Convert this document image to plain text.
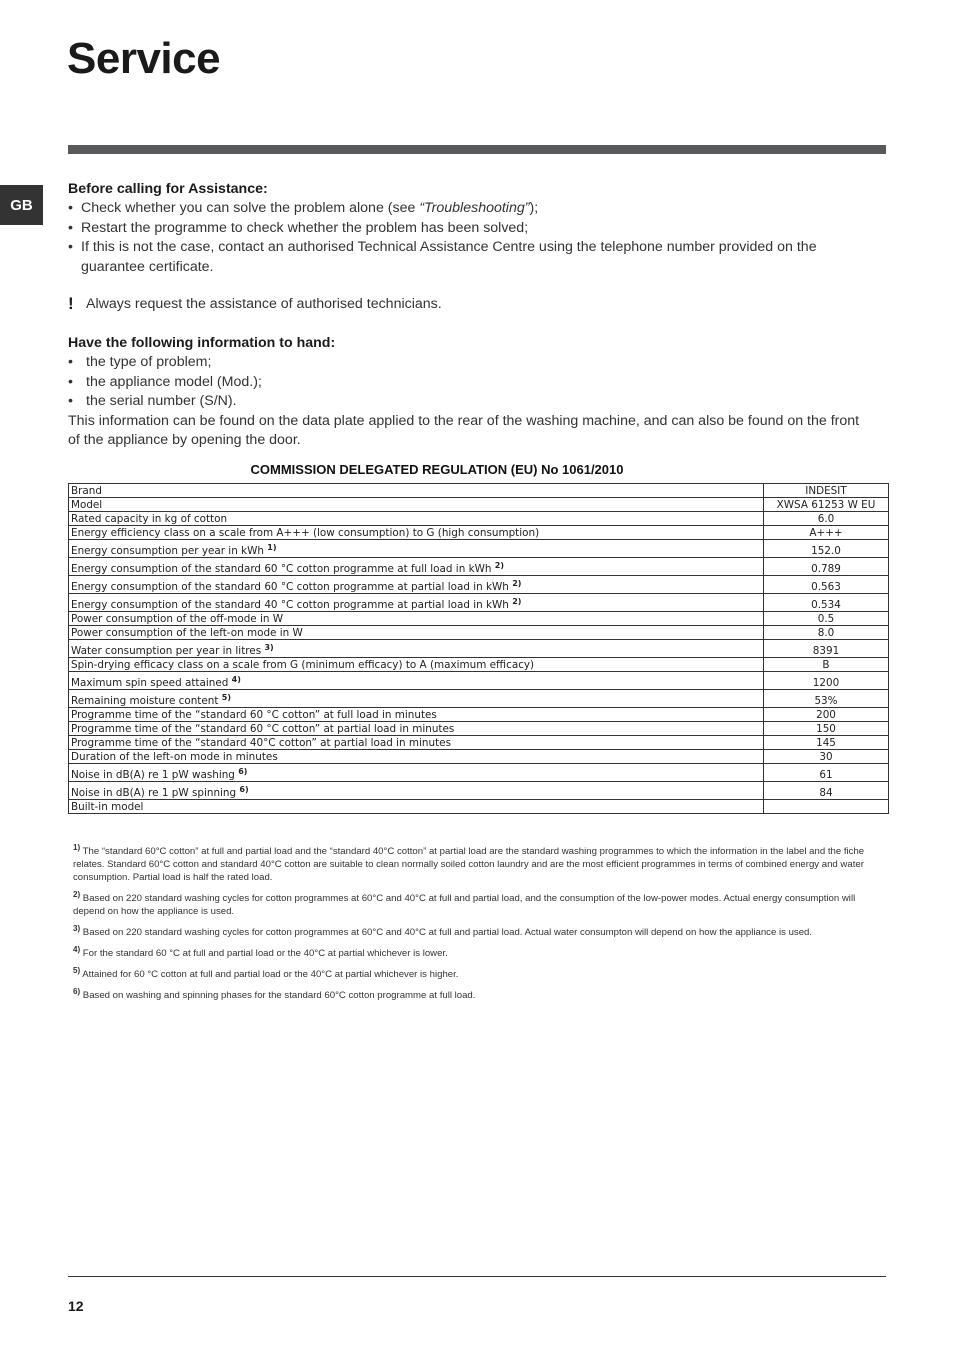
Service
GB
Before calling for Assistance:
• Check whether you can solve the problem alone (see “Troubleshooting”);
• Restart the programme to check whether the problem has been solved;
• If this is not the case, contact an authorised Technical Assistance Centre using the telephone number provided on the guarantee certificate.
! Always request the assistance of authorised technicians.
Have the following information to hand:
• the type of problem;
• the appliance model (Mod.);
• the serial number (S/N).
This information can be found on the data plate applied to the rear of the washing machine, and can also be found on the front of the appliance by opening the door.
COMMISSION DELEGATED REGULATION (EU) No 1061/2010
Brand	INDESIT
Model	XWSA 61253 W EU
Rated capacity in kg of cotton	6.0
Energy efficiency class on a scale from A+++ (low consumption) to G (high consumption)	A+++
Energy consumption per year in kWh $^{1)}$	152.0
Energy consumption of the standard 60 °C cotton programme at full load in kWh $^{2)}$	0.789
Energy consumption of the standard 60 °C cotton programme at partial load in kWh $^{2)}$	0.563
Energy consumption of the standard 40 °C cotton programme at partial load in kWh $^{2)}$	0.534
Power consumption of the off-mode in W	0.5
Power consumption of the left-on mode in W	8.0
Water consumption per year in litres $^{3)}$	8391
Spin-drying efficacy class on a scale from G (minimum efficacy) to A (maximum efficacy)	B
Maximum spin speed attained $^{4)}$	1200
Remaining moisture content $^{5)}$	53%
Programme time of the “standard 60 °C cotton” at full load in minutes	200
Programme time of the “standard 60 °C cotton” at partial load in minutes	150
Programme time of the “standard 40°C cotton” at partial load in minutes	145
Duration of the left-on mode in minutes	30
Noise in dB(A) re 1 pW washing $^{6)}$	61
Noise in dB(A) re 1 pW spinning $^{6)}$	84
Built-in model	

$^{1)}$ The “standard 60°C cotton” at full and partial load and the “standard 40°C cotton” at partial load are the standard washing programmes to which the information in the label and the fiche relates. Standard 60°C cotton and standard 40°C cotton are suitable to clean normally soiled cotton laundry and are the most efficient programmes in terms of combined energy and water consumption. Partial load is half the rated load.

$^{2)}$ Based on 220 standard washing cycles for cotton programmes at 60°C and 40°C at full and partial load, and the consumption of the low-power modes. Actual energy consumption will depend on how the appliance is used.

$^{3)}$ Based on 220 standard washing cycles for cotton programmes at 60°C and 40°C at full and partial load. Actual water consumpton will depend on how the appliance is used.

$^{4)}$ For the standard 60 °C at full and partial load or the 40°C at partial whichever is lower.

$^{5)}$ Attained for 60 °C cotton at full and partial load or the 40°C at partial whichever is higher.

$^{6)}$ Based on washing and spinning phases for the standard 60°C cotton programme at full load.

12
